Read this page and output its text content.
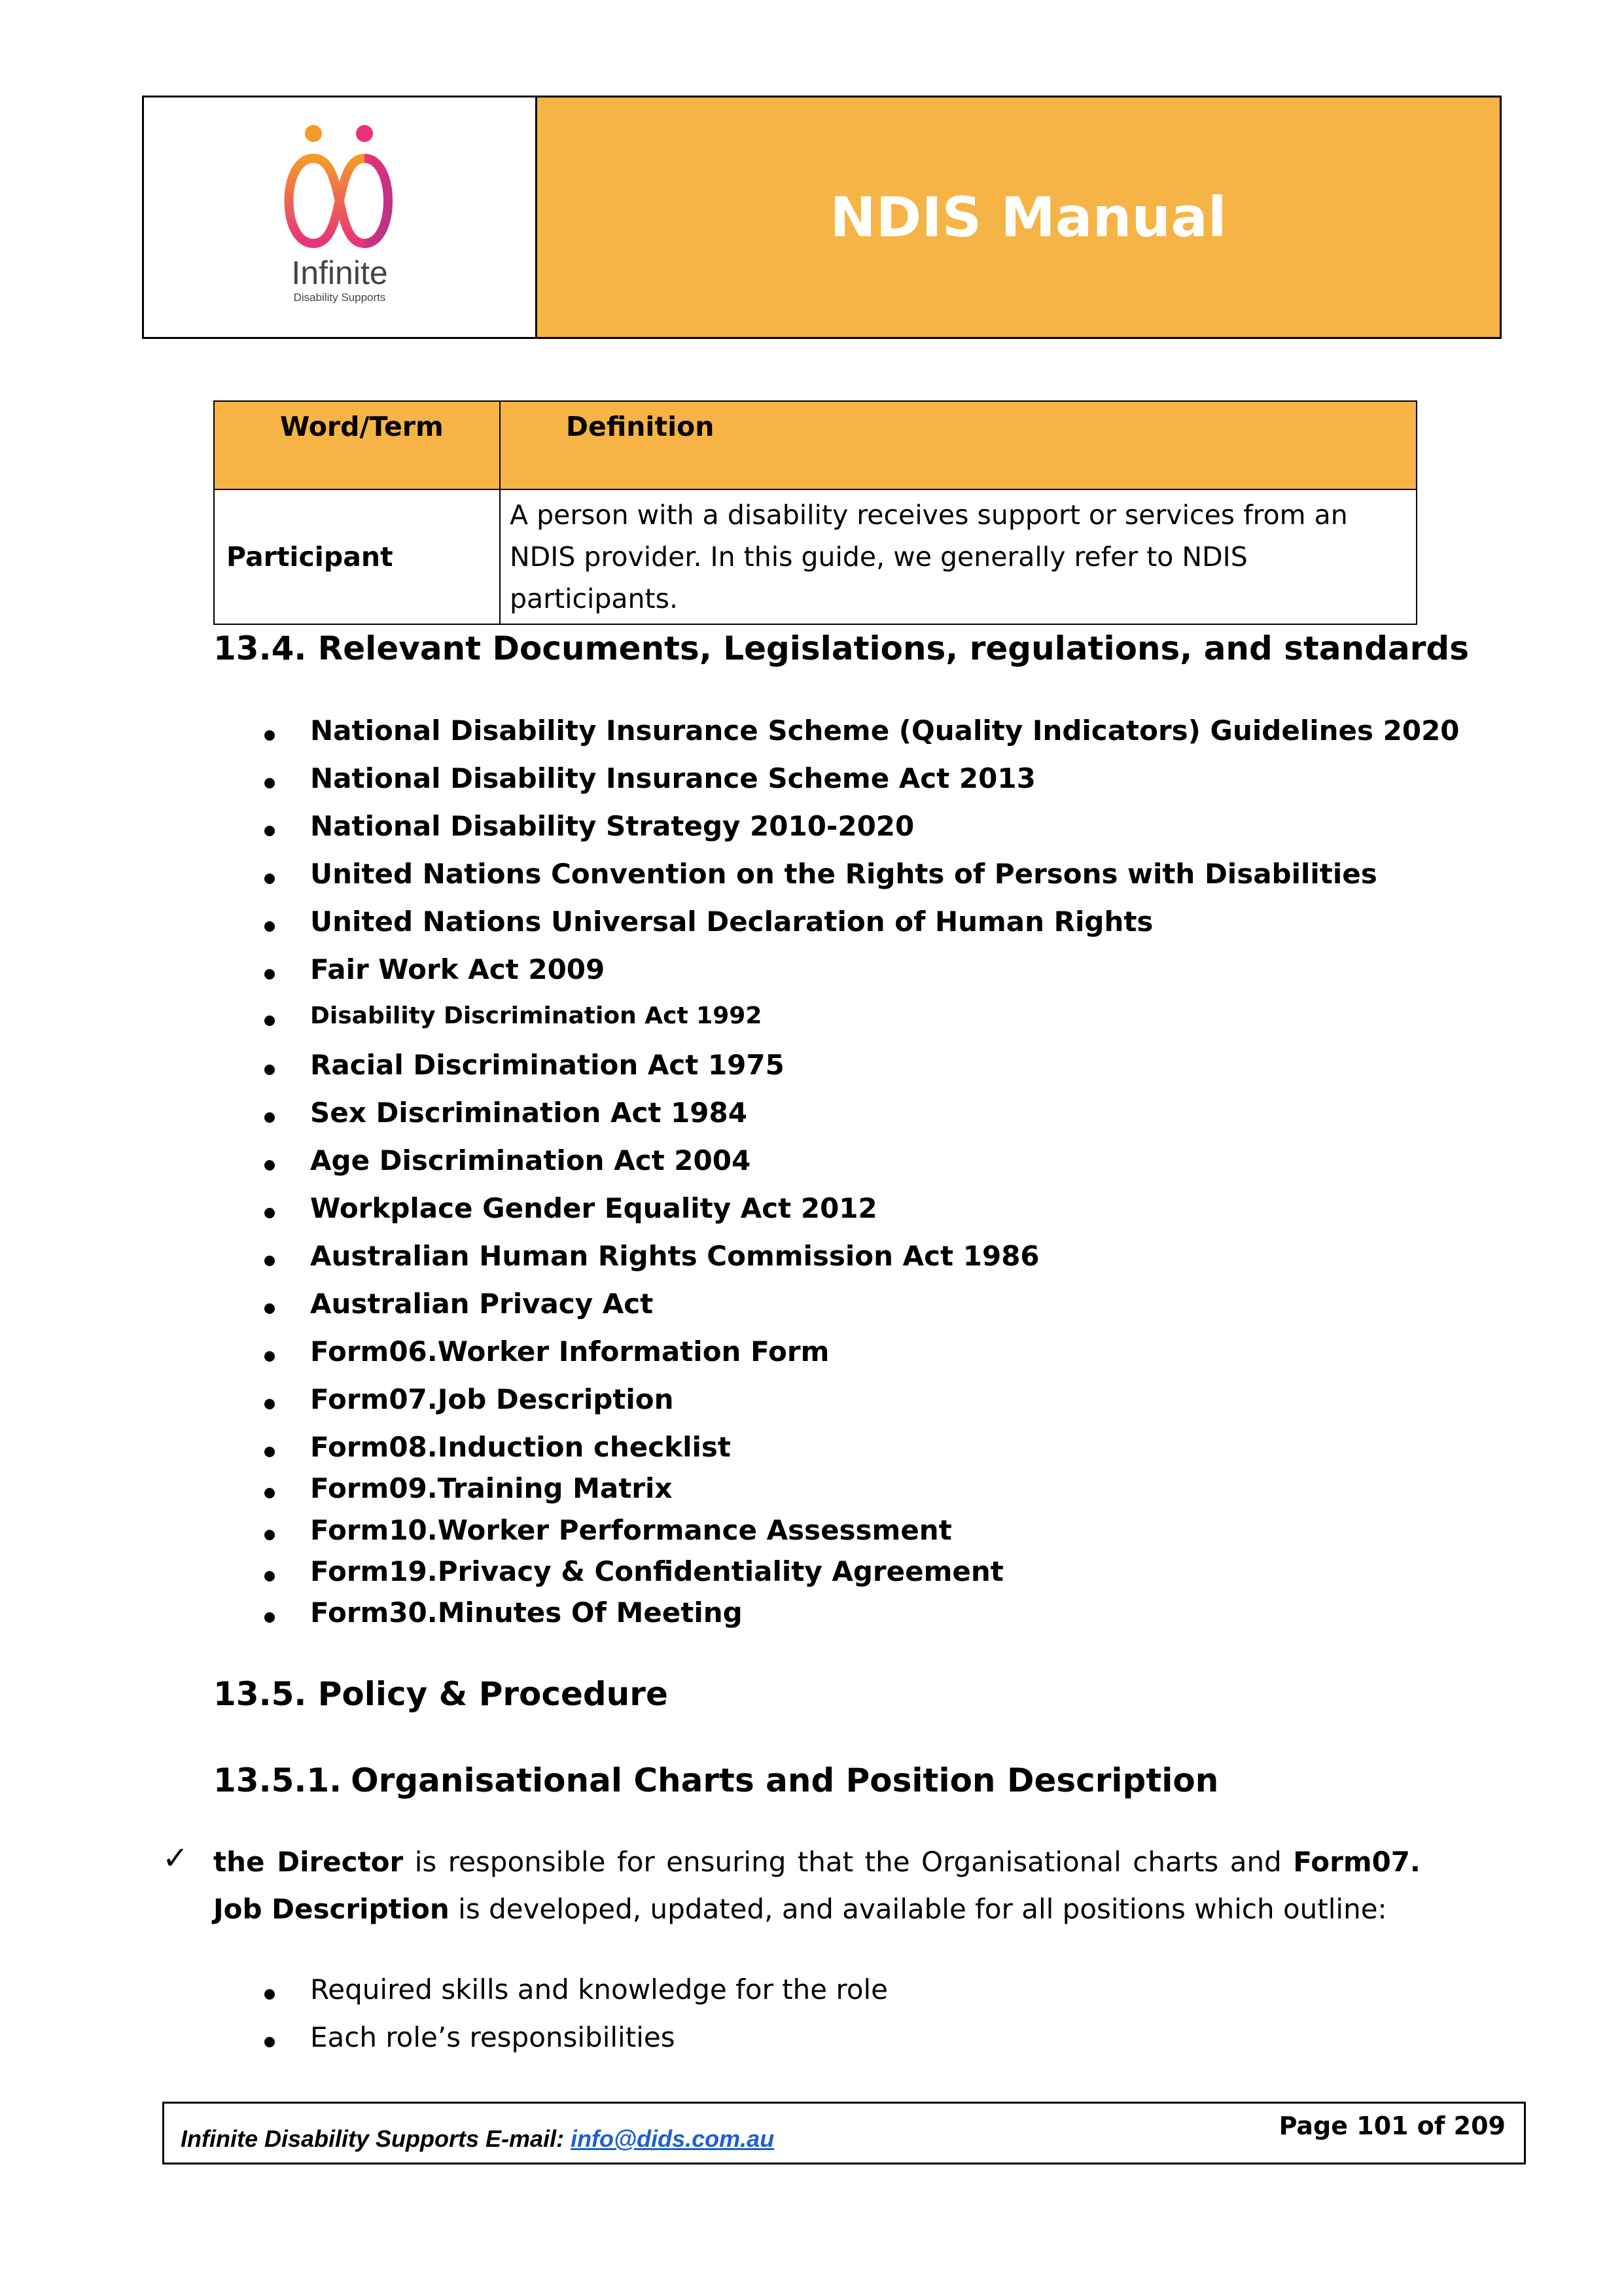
Infinite
Disability Supports
NDIS Manual
Word/Term	Definition
Participant	A person with a disability receives support or services from an NDIS provider. In this guide, we generally refer to NDIS participants.
13.4. Relevant Documents, Legislations, regulations, and standards
National Disability Insurance Scheme (Quality Indicators) Guidelines 2020
National Disability Insurance Scheme Act 2013
National Disability Strategy 2010-2020
United Nations Convention on the Rights of Persons with Disabilities
United Nations Universal Declaration of Human Rights
Fair Work Act 2009
Disability Discrimination Act 1992
Racial Discrimination Act 1975
Sex Discrimination Act 1984
Age Discrimination Act 2004
Workplace Gender Equality Act 2012
Australian Human Rights Commission Act 1986
Australian Privacy Act
Form06.Worker Information Form
Form07.Job Description
Form08.Induction checklist
Form09.Training Matrix
Form10.Worker Performance Assessment
Form19.Privacy & Confidentiality Agreement
Form30.Minutes Of Meeting
13.5. Policy & Procedure
13.5.1. Organisational Charts and Position Description
✓ the Director is responsible for ensuring that the Organisational charts and Form07. Job Description is developed, updated, and available for all positions which outline:
Required skills and knowledge for the role
Each role’s responsibilities
Infinite Disability Supports E-mail: info@dids.com.au	Page 101 of 209
